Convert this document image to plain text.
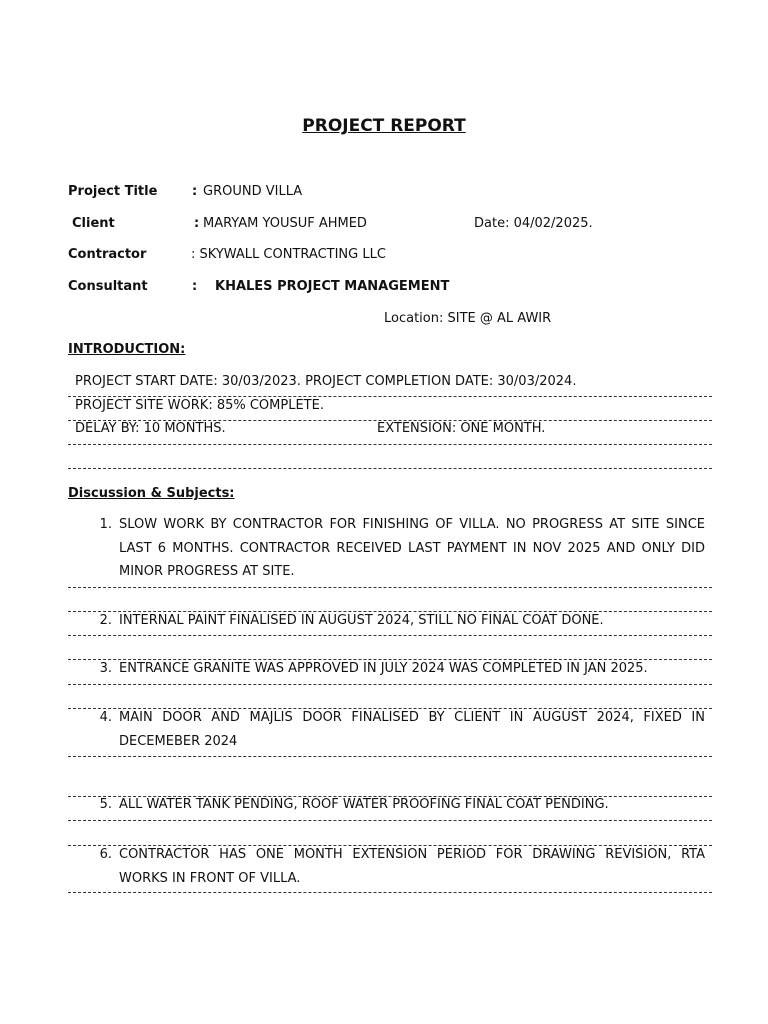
PROJECT REPORT
Project Title	: GROUND VILLA
Client	: MARYAM YOUSUF AHMED	Date: 04/02/2025.
Contractor	: SKYWALL CONTRACTING LLC
Consultant	: KHALES PROJECT MANAGEMENT
Location: SITE @ AL AWIR
INTRODUCTION:
PROJECT START DATE: 30/03/2023. PROJECT COMPLETION DATE: 30/03/2024.
PROJECT SITE WORK: 85% COMPLETE.
DELAY BY: 10 MONTHS.	EXTENSION: ONE MONTH.
Discussion & Subjects:
1. SLOW WORK BY CONTRACTOR FOR FINISHING OF VILLA. NO PROGRESS AT SITE SINCE LAST 6 MONTHS. CONTRACTOR RECEIVED LAST PAYMENT IN NOV 2025 AND ONLY DID MINOR PROGRESS AT SITE.
2. INTERNAL PAINT FINALISED IN AUGUST 2024, STILL NO FINAL COAT DONE.
3. ENTRANCE GRANITE WAS APPROVED IN JULY 2024 WAS COMPLETED IN JAN 2025.
4. MAIN DOOR AND MAJLIS DOOR FINALISED BY CLIENT IN AUGUST 2024, FIXED IN DECEMEBER 2024
5. ALL WATER TANK PENDING, ROOF WATER PROOFING FINAL COAT PENDING.
6. CONTRACTOR HAS ONE MONTH EXTENSION PERIOD FOR DRAWING REVISION, RTA WORKS IN FRONT OF VILLA.
